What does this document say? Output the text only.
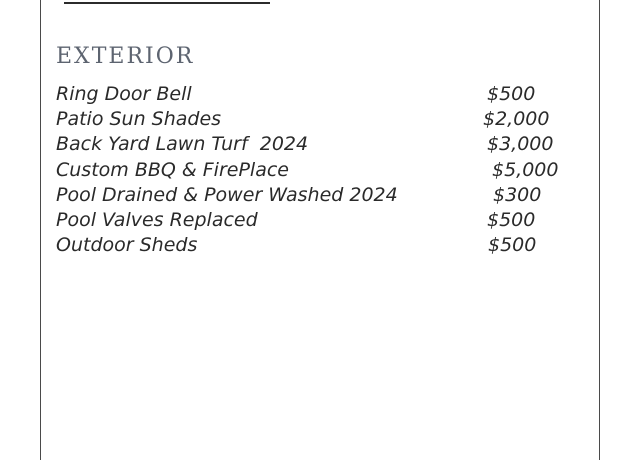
EXTERIOR
Ring Door Bell	$500
Patio Sun Shades	$2,000
Back Yard Lawn Turf  2024	$3,000
Custom BBQ & FirePlace	$5,000
Pool Drained & Power Washed 2024	$300
Pool Valves Replaced	$500
Outdoor Sheds	$500
